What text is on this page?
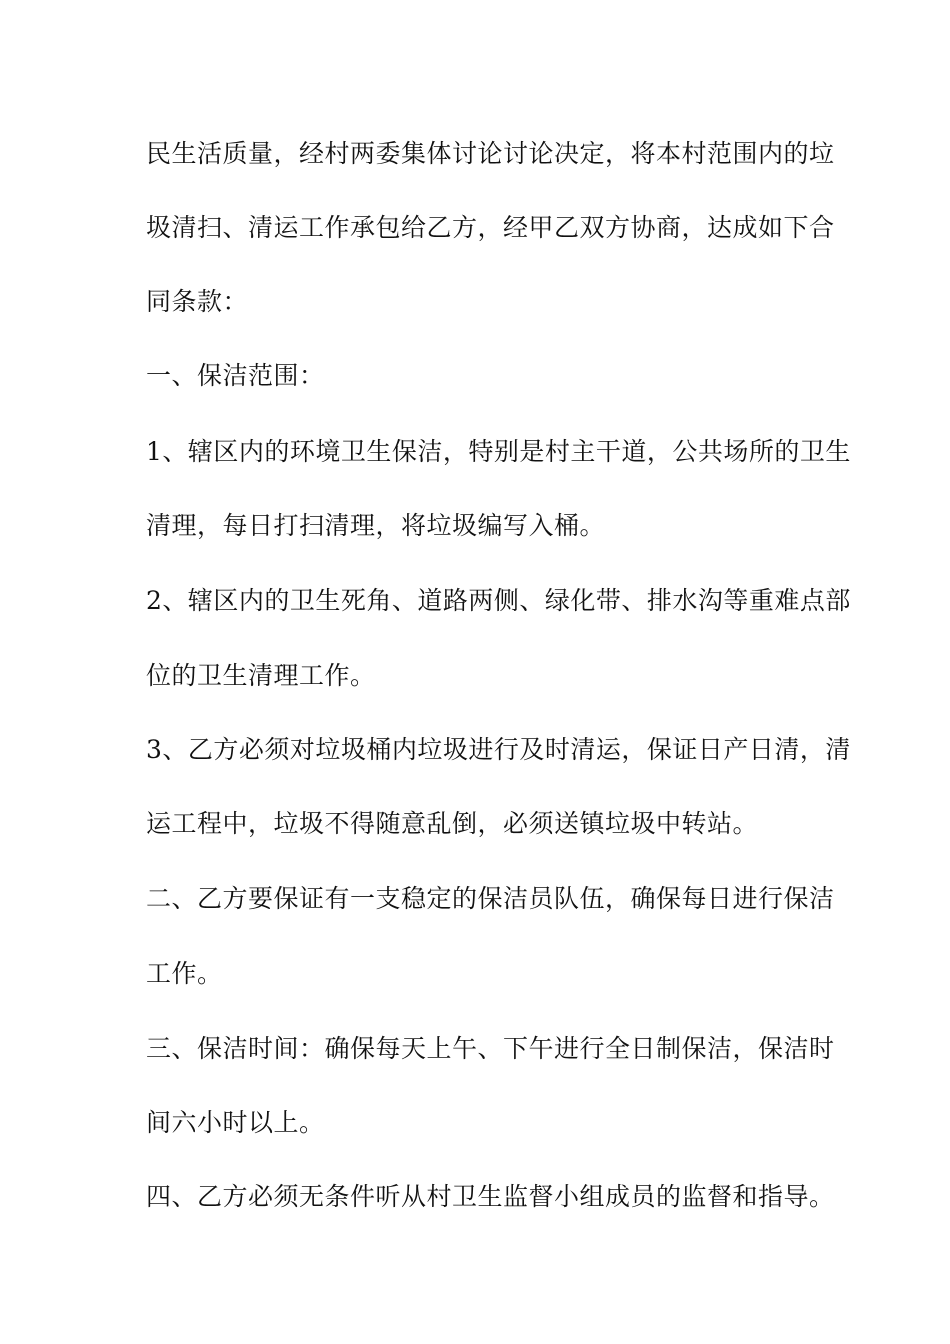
民生活质量，经村两委集体讨论讨论决定，将本村范围内的垃
圾清扫、清运工作承包给乙方，经甲乙双方协商，达成如下合
同条款：
一、保洁范围：
1、辖区内的环境卫生保洁，特别是村主干道，公共场所的卫生
清理，每日打扫清理，将垃圾编写入桶。
2、辖区内的卫生死角、道路两侧、绿化带、排水沟等重难点部
位的卫生清理工作。
3、乙方必须对垃圾桶内垃圾进行及时清运，保证日产日清，清
运工程中，垃圾不得随意乱倒，必须送镇垃圾中转站。
二、乙方要保证有一支稳定的保洁员队伍，确保每日进行保洁
工作。
三、保洁时间：确保每天上午、下午进行全日制保洁，保洁时
间六小时以上。
四、乙方必须无条件听从村卫生监督小组成员的监督和指导。
